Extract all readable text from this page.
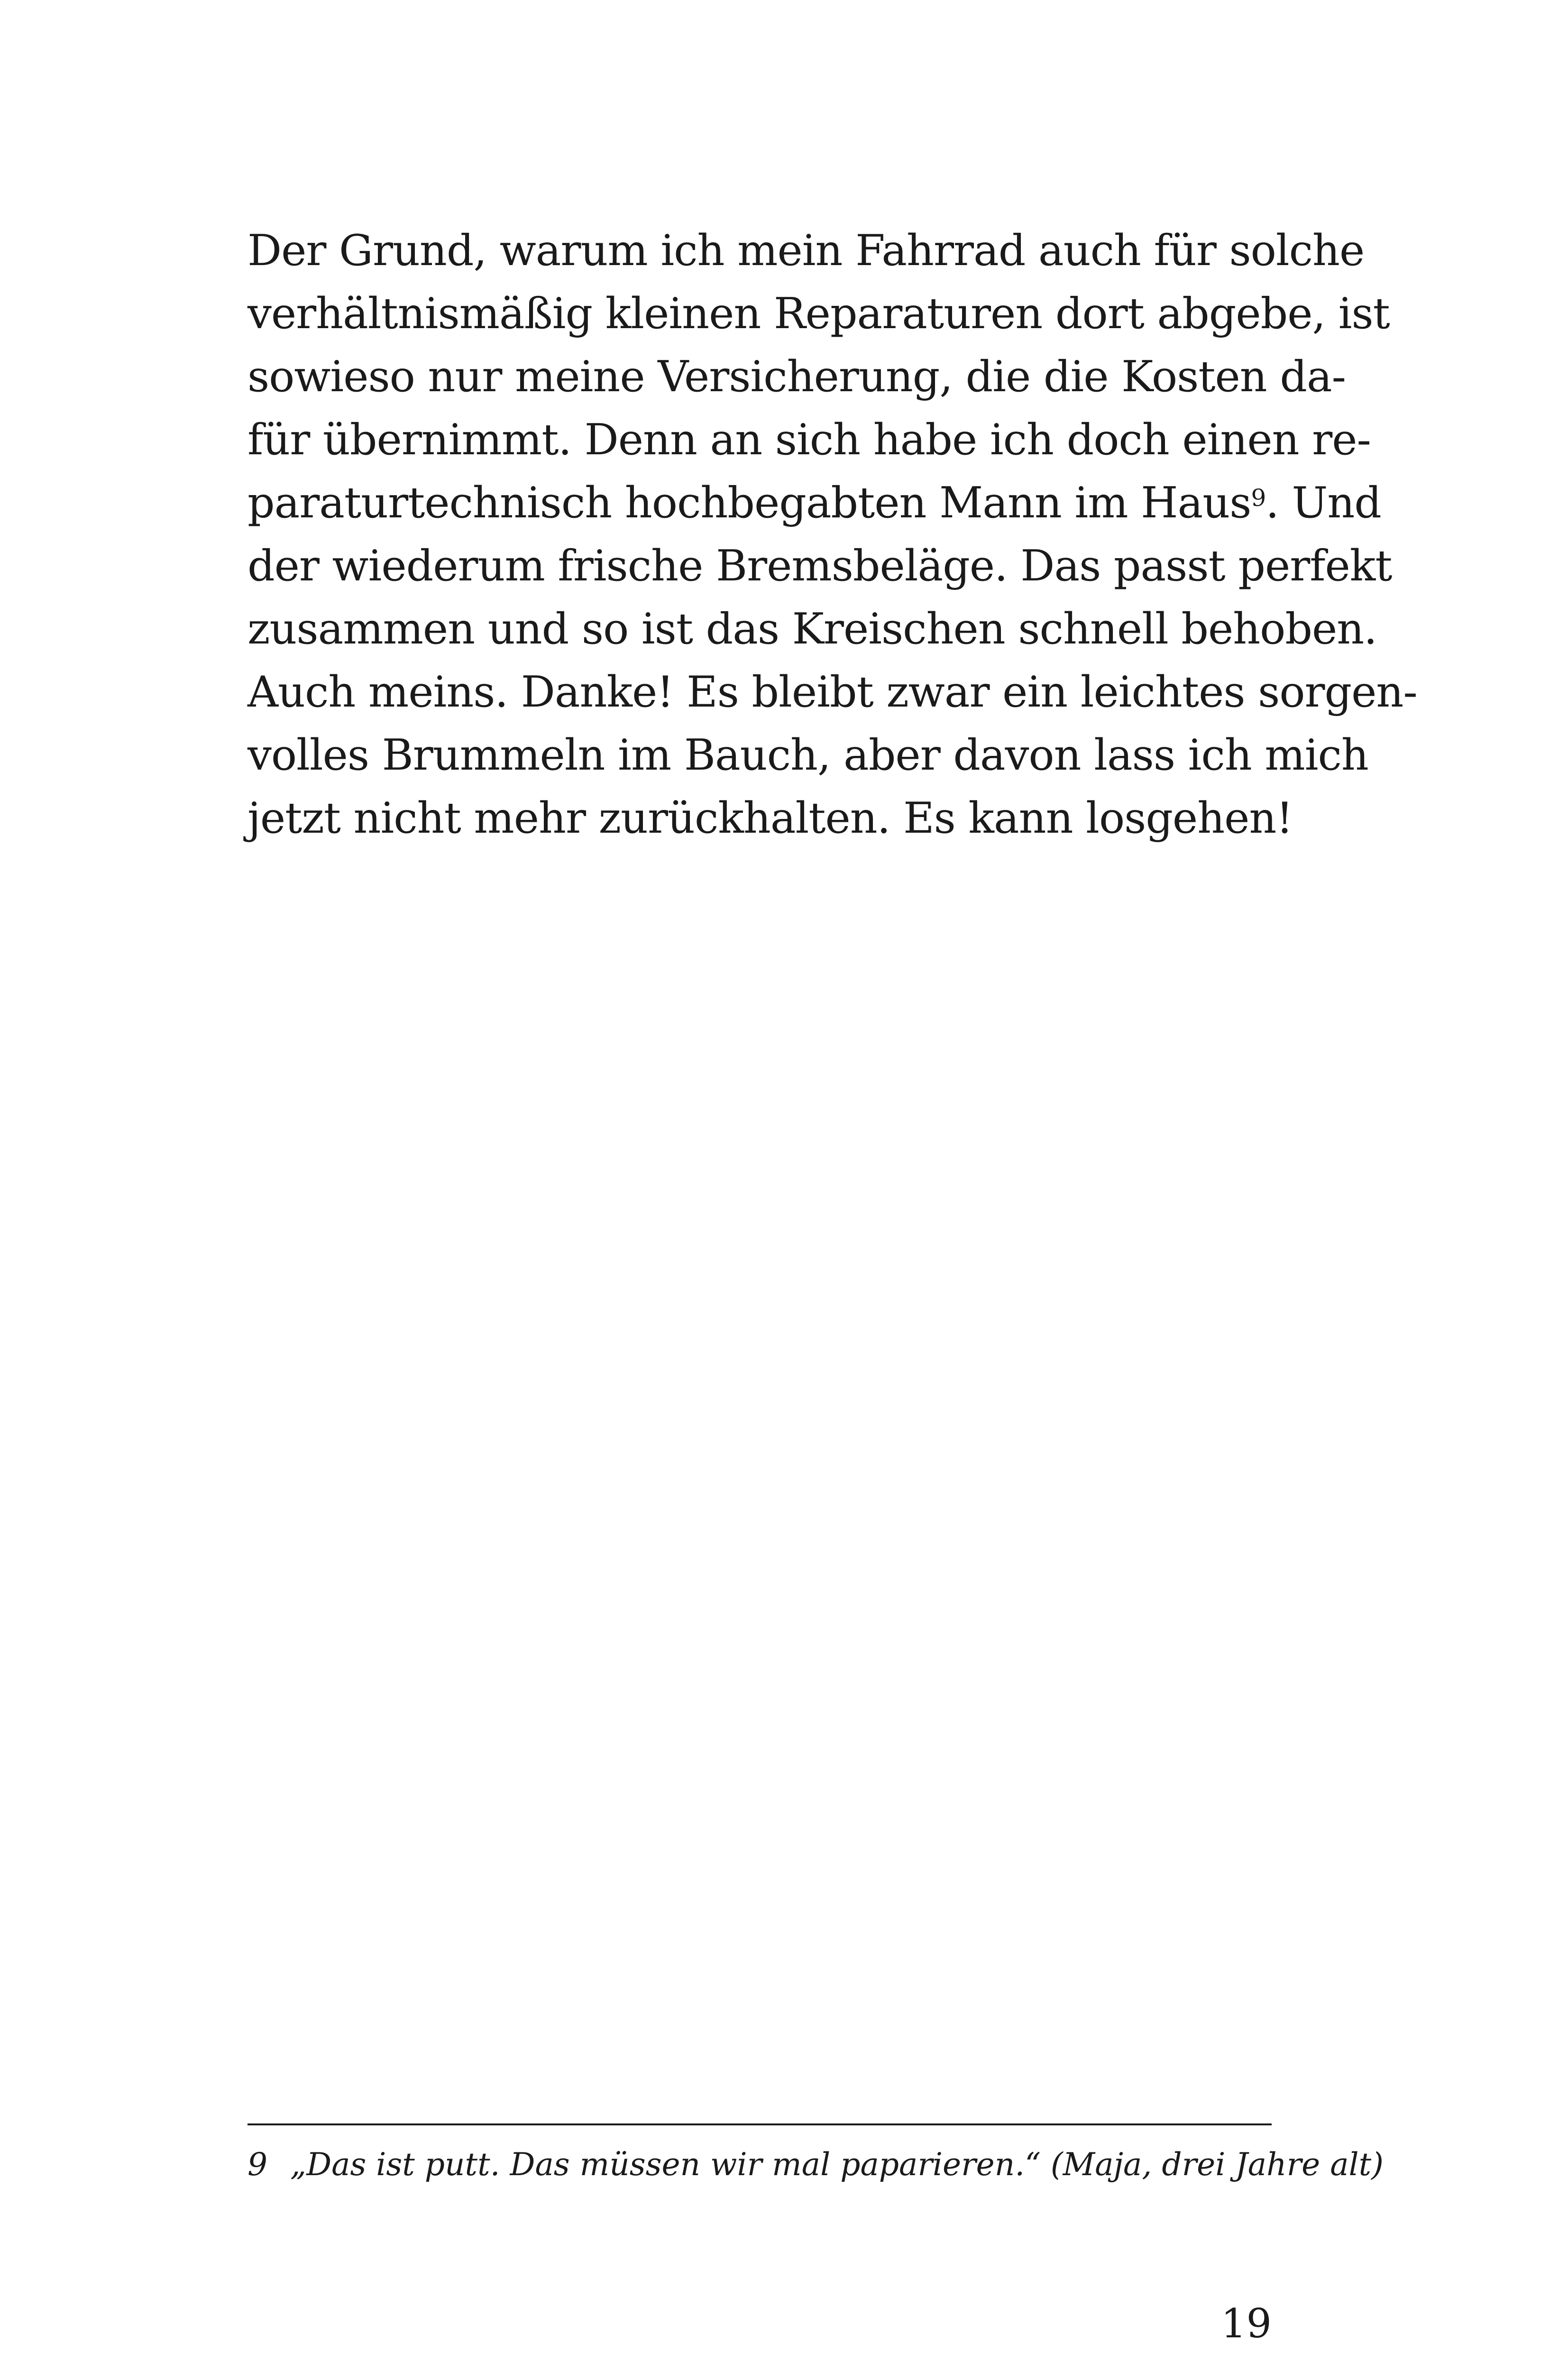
Der Grund, warum ich mein Fahrrad auch für solche
verhältnismäßig kleinen Reparaturen dort abgebe, ist
sowieso nur meine Versicherung, die die Kosten da-
für übernimmt. Denn an sich habe ich doch einen re-
paraturtechnisch hochbegabten Mann im Haus$^9$. Und
der wiederum frische Bremsbeläge. Das passt perfekt
zusammen und so ist das Kreischen schnell behoben.
Auch meins. Danke! Es bleibt zwar ein leichtes sorgen-
volles Brummeln im Bauch, aber davon lass ich mich
jetzt nicht mehr zurückhalten. Es kann losgehen!
9 „Das ist putt. Das müssen wir mal paparieren.“ (Maja, drei Jahre alt)
19
